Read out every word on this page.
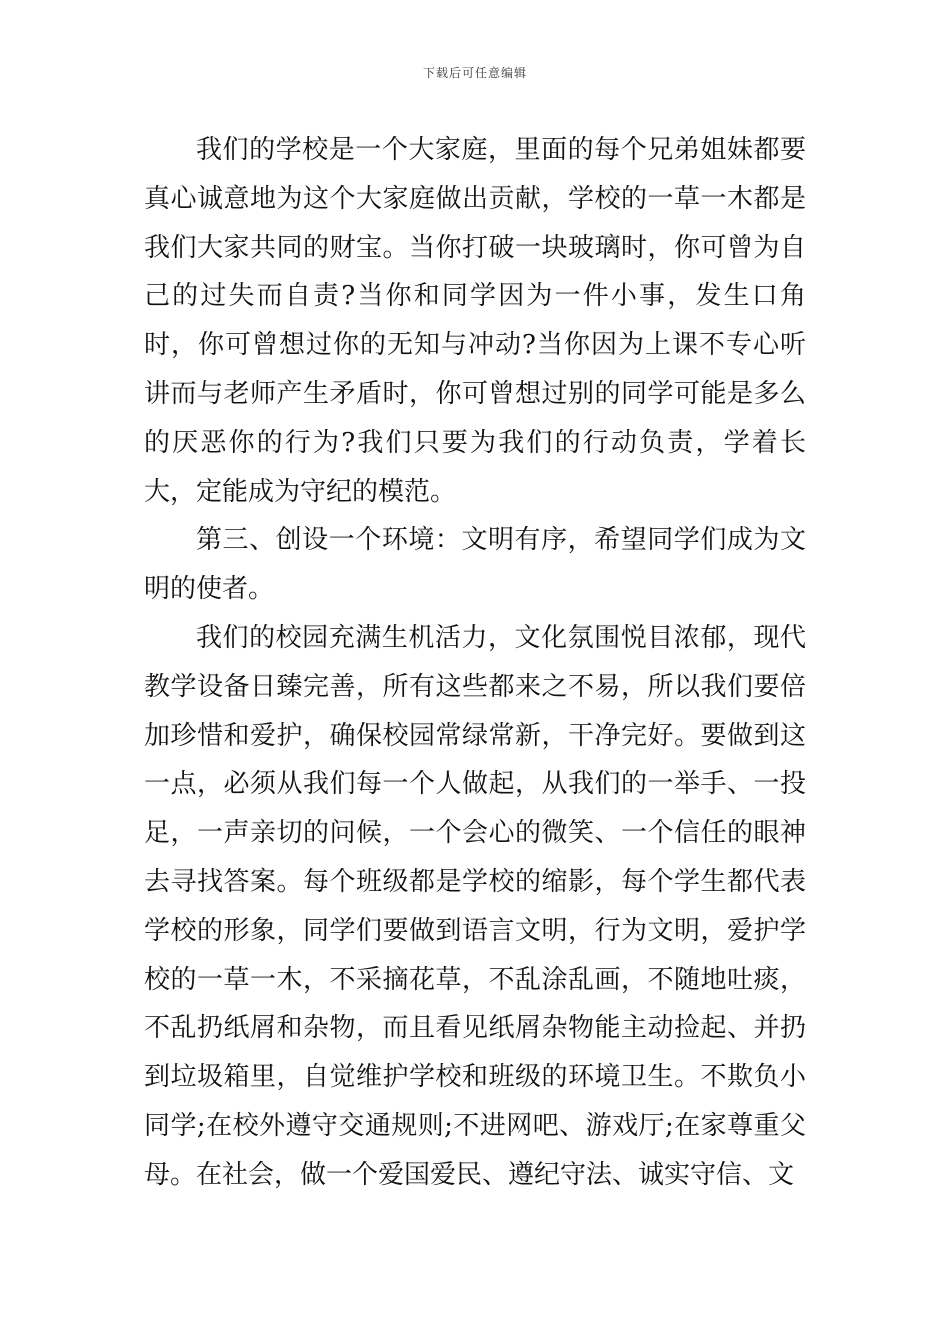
下载后可任意编辑

我们的学校是一个大家庭，里面的每个兄弟姐妹都要真心诚意地为这个大家庭做出贡献，学校的一草一木都是我们大家共同的财宝。当你打破一块玻璃时，你可曾为自己的过失而自责?当你和同学因为一件小事，发生口角时，你可曾想过你的无知与冲动?当你因为上课不专心听讲而与老师产生矛盾时，你可曾想过别的同学可能是多么的厌恶你的行为?我们只要为我们的行动负责，学着长大，定能成为守纪的模范。

第三、创设一个环境：文明有序，希望同学们成为文明的使者。

我们的校园充满生机活力，文化氛围悦目浓郁，现代教学设备日臻完善，所有这些都来之不易，所以我们要倍加珍惜和爱护，确保校园常绿常新，干净完好。要做到这一点，必须从我们每一个人做起，从我们的一举手、一投足，一声亲切的问候，一个会心的微笑、一个信任的眼神去寻找答案。每个班级都是学校的缩影，每个学生都代表学校的形象，同学们要做到语言文明，行为文明，爱护学校的一草一木，不采摘花草，不乱涂乱画，不随地吐痰，不乱扔纸屑和杂物，而且看见纸屑杂物能主动捡起、并扔到垃圾箱里，自觉维护学校和班级的环境卫生。不欺负小同学;在校外遵守交通规则;不进网吧、游戏厅;在家尊重父母。在社会，做一个爱国爱民、遵纪守法、诚实守信、文
